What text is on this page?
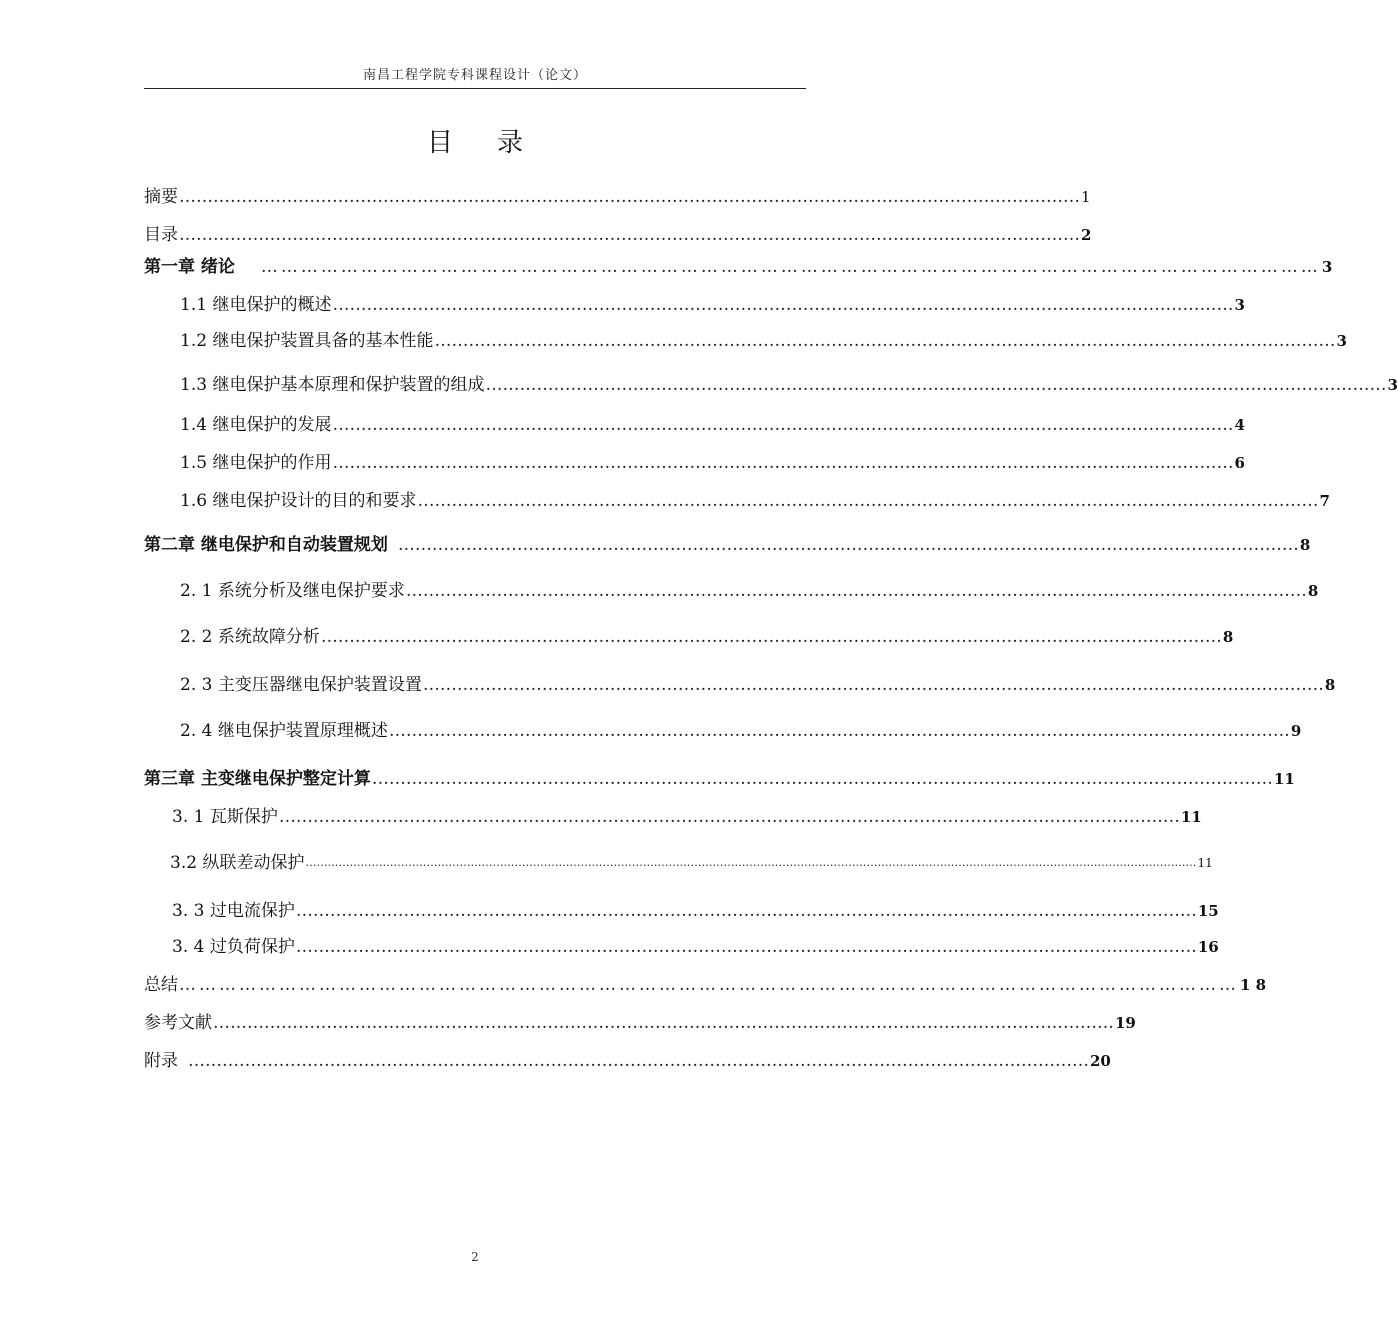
南昌工程学院专科课程设计（论文）
目录
摘要 …………………………………………………………………………………………………………………………………………… 1
目录 …………………………………………………………………………………………………………………………………………… 2
第一章 绪论 …………………………………………………………………………………………………………………………………………… 3
1.1 继电保护的概述 …………………………………………………………………………………………………………………………………………… 3
1.2 继电保护装置具备的基本性能 …………………………………………………………………………………………………………………………………………… 3
1.3 继电保护基本原理和保护装置的组成 …………………………………………………………………………………………………………………………………………… 3
1.4 继电保护的发展 …………………………………………………………………………………………………………………………………………… 4
1.5 继电保护的作用 …………………………………………………………………………………………………………………………………………… 6
1.6 继电保护设计的目的和要求 …………………………………………………………………………………………………………………………………………… 7
第二章 继电保护和自动装置规划 …………………………………………………………………………………………………………………………………………… 8
2. 1 系统分析及继电保护要求 …………………………………………………………………………………………………………………………………………… 8
2. 2 系统故障分析 …………………………………………………………………………………………………………………………………………… 8
2. 3 主变压器继电保护装置设置 …………………………………………………………………………………………………………………………………………… 8
2. 4 继电保护装置原理概述 …………………………………………………………………………………………………………………………………………… 9
第三章 主变继电保护整定计算 …………………………………………………………………………………………………………………………………………… 11
3. 1 瓦斯保护 …………………………………………………………………………………………………………………………………………… 11
3.2 纵联差动保护 ……………………………………………………………………………………………………………………………………………………………………………………………………………………… 11
3. 3 过电流保护 …………………………………………………………………………………………………………………………………………… 15
3. 4 过负荷保护 …………………………………………………………………………………………………………………………………………… 16
总结 …………………………………………………………………………………………………………………………………………… 1 8
参考文献 …………………………………………………………………………………………………………………………………………… 19
附录 …………………………………………………………………………………………………………………………………………… 20
2
